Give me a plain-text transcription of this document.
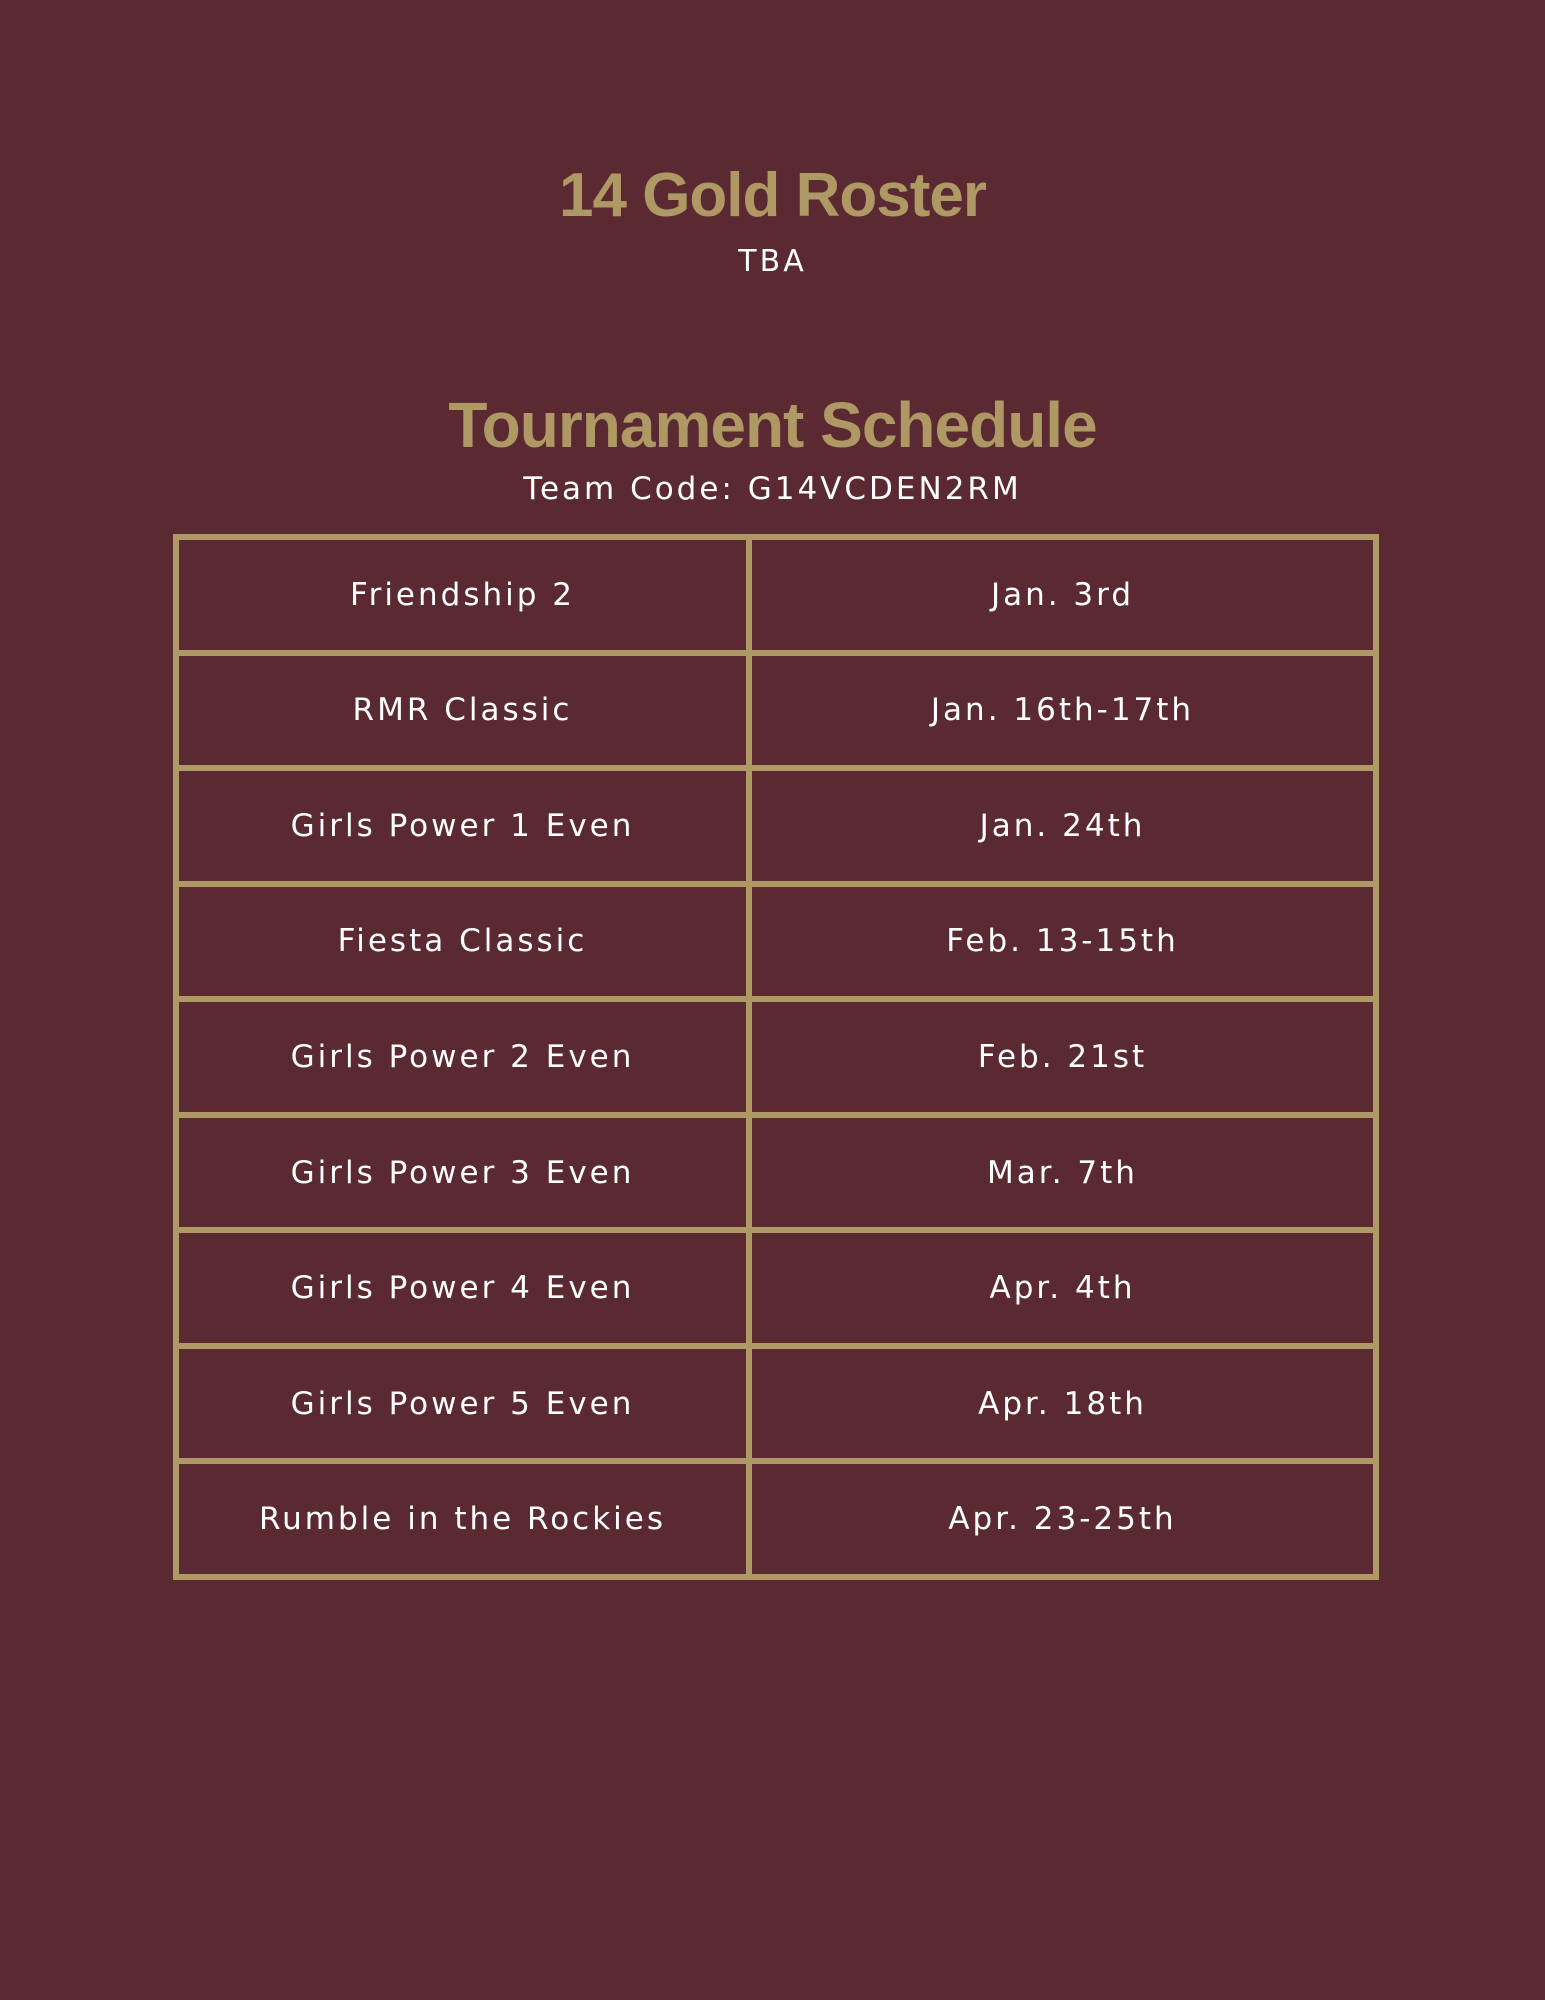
14 Gold Roster
TBA
Tournament Schedule
Team Code: G14VCDEN2RM
Friendship 2	Jan. 3rd
RMR Classic	Jan. 16th-17th
Girls Power 1 Even	Jan. 24th
Fiesta Classic	Feb. 13-15th
Girls Power 2 Even	Feb. 21st
Girls Power 3 Even	Mar. 7th
Girls Power 4 Even	Apr. 4th
Girls Power 5 Even	Apr. 18th
Rumble in the Rockies	Apr. 23-25th
